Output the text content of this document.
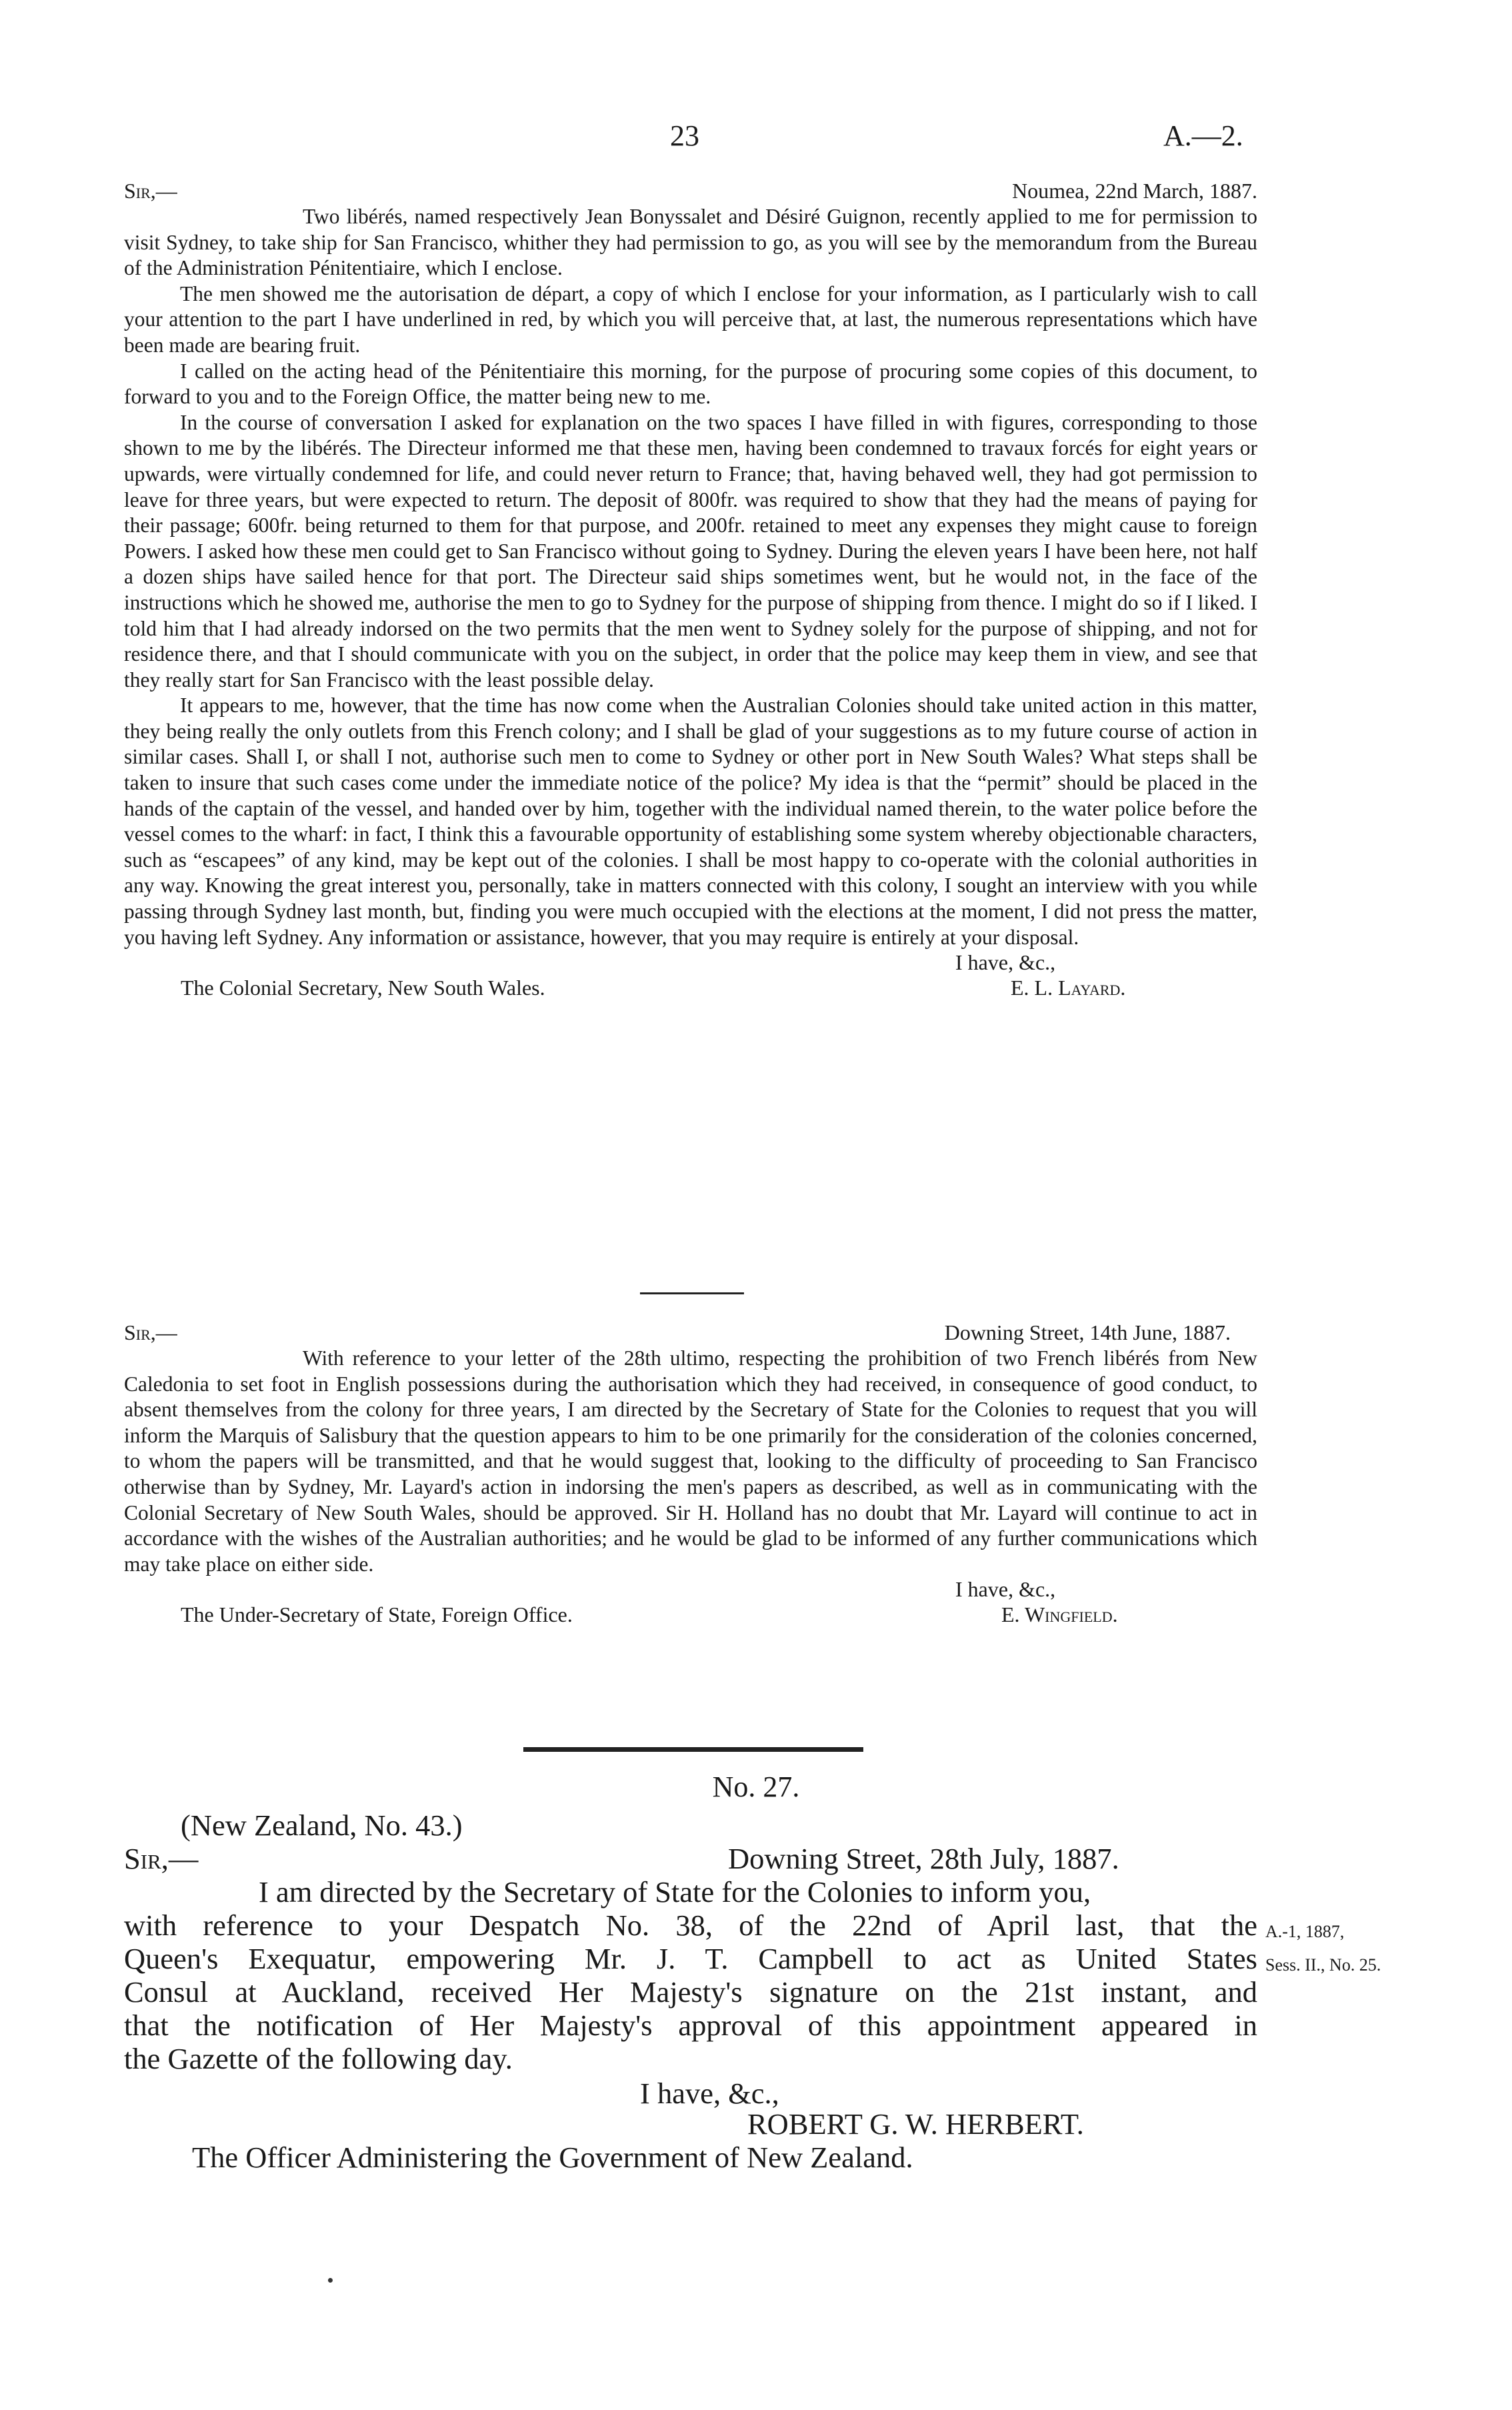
23	A.—2.
Sir,—	Noumea, 22nd March, 1887.

Two libérés, named respectively Jean Bonyssalet and Désiré Guignon, recently applied to me for permission to visit Sydney, to take ship for San Francisco, whither they had permission to go, as you will see by the memorandum from the Bureau of the Administration Pénitentiaire, which I enclose.

The men showed me the autorisation de départ, a copy of which I enclose for your information, as I particularly wish to call your attention to the part I have underlined in red, by which you will perceive that, at last, the numerous representations which have been made are bearing fruit.

I called on the acting head of the Pénitentiaire this morning, for the purpose of procuring some copies of this document, to forward to you and to the Foreign Office, the matter being new to me.

In the course of conversation I asked for explanation on the two spaces I have filled in with figures, corresponding to those shown to me by the libérés. The Directeur informed me that these men, having been condemned to travaux forcés for eight years or upwards, were virtually condemned for life, and could never return to France; that, having behaved well, they had got permission to leave for three years, but were expected to return. The deposit of 800fr. was required to show that they had the means of paying for their passage; 600fr. being returned to them for that purpose, and 200fr. retained to meet any expenses they might cause to foreign Powers. I asked how these men could get to San Francisco without going to Sydney. During the eleven years I have been here, not half a dozen ships have sailed hence for that port. The Directeur said ships sometimes went, but he would not, in the face of the instructions which he showed me, authorise the men to go to Sydney for the purpose of shipping from thence. I might do so if I liked. I told him that I had already indorsed on the two permits that the men went to Sydney solely for the purpose of shipping, and not for residence there, and that I should communicate with you on the subject, in order that the police may keep them in view, and see that they really start for San Francisco with the least possible delay.

It appears to me, however, that the time has now come when the Australian Colonies should take united action in this matter, they being really the only outlets from this French colony; and I shall be glad of your suggestions as to my future course of action in similar cases. Shall I, or shall I not, authorise such men to come to Sydney or other port in New South Wales? What steps shall be taken to insure that such cases come under the immediate notice of the police? My idea is that the “permit” should be placed in the hands of the captain of the vessel, and handed over by him, together with the individual named therein, to the water police before the vessel comes to the wharf: in fact, I think this a favourable opportunity of establishing some system whereby objectionable characters, such as “escapees” of any kind, may be kept out of the colonies. I shall be most happy to co-operate with the colonial authorities in any way. Knowing the great interest you, personally, take in matters connected with this colony, I sought an interview with you while passing through Sydney last month, but, finding you were much occupied with the elections at the moment, I did not press the matter, you having left Sydney. Any information or assistance, however, that you may require is entirely at your disposal.

I have, &c.,
The Colonial Secretary, New South Wales.	E. L. Layard.
Sir,—	Downing Street, 14th June, 1887.

With reference to your letter of the 28th ultimo, respecting the prohibition of two French libérés from New Caledonia to set foot in English possessions during the authorisation which they had received, in consequence of good conduct, to absent themselves from the colony for three years, I am directed by the Secretary of State for the Colonies to request that you will inform the Marquis of Salisbury that the question appears to him to be one primarily for the consideration of the colonies concerned, to whom the papers will be transmitted, and that he would suggest that, looking to the difficulty of proceeding to San Francisco otherwise than by Sydney, Mr. Layard's action in indorsing the men's papers as described, as well as in communicating with the Colonial Secretary of New South Wales, should be approved. Sir H. Holland has no doubt that Mr. Layard will continue to act in accordance with the wishes of the Australian authorities; and he would be glad to be informed of any further communications which may take place on either side.

I have, &c.,
The Under-Secretary of State, Foreign Office.	E. Wingfield.
No. 27.
(New Zealand, No. 43.)
Sir,—	Downing Street, 28th July, 1887.
I am directed by the Secretary of State for the Colonies to inform you,
with reference to your Despatch No. 38, of the 22nd of April last, that the
Queen's Exequatur, empowering Mr. J. T. Campbell to act as United States
Consul at Auckland, received Her Majesty's signature on the 21st instant, and
that the notification of Her Majesty's approval of this appointment appeared in
the Gazette of the following day.
A.-1, 1887,
Sess. II., No. 25.
I have, &c.,
ROBERT G. W. HERBERT.
The Officer Administering the Government of New Zealand.
